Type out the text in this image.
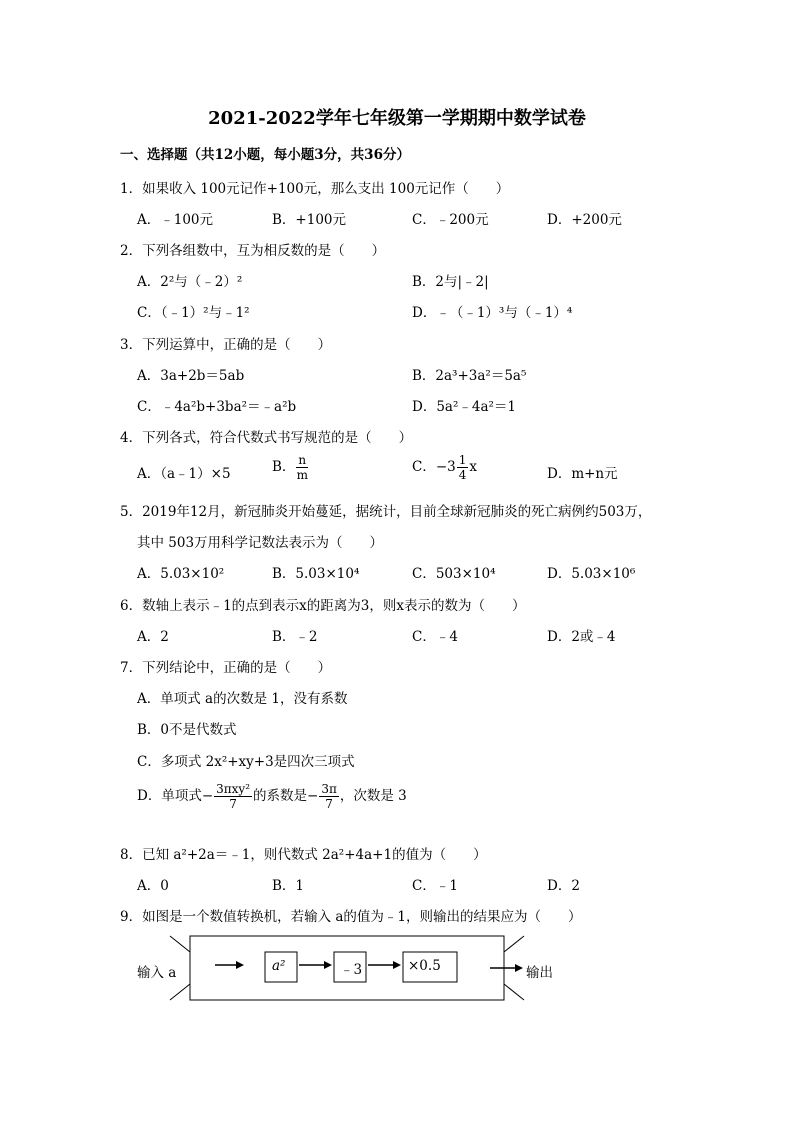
2021-2022学年七年级第一学期期中数学试卷
一、选择题（共12小题，每小题3分，共36分）
1．如果收入 100元记作+100元，那么支出 100元记作（　　）
A．﹣100元	B．+100元	C．﹣200元	D．+200元
2．下列各组数中，互为相反数的是（　　）
A．2²与（﹣2）²	B．2与|﹣2|
C．（﹣1）²与﹣1²	D．﹣（﹣1）³与（﹣1）⁴
3．下列运算中，正确的是（　　）
A．3a+2b＝5ab	B．2a³+3a²＝5a⁵
C．﹣4a²b+3ba²＝﹣a²b	D．5a²﹣4a²＝1
4．下列各式，符合代数式书写规范的是（　　）
A．（a﹣1）×5	B． $\frac{n}{m}$	C．$-3 \frac{1}{4}$ x	D．m+n元
5．2019年12月，新冠肺炎开始蔓延，据统计，目前全球新冠肺炎的死亡病例约503万，
其中 503万用科学记数法表示为（　　）
A．5.03×10²	B．5.03×10⁴	C．503×10⁴	D．5.03×10⁶
6．数轴上表示﹣1的点到表示x的距离为3，则x表示的数为（　　）
A．2	B．﹣2	C．﹣4	D．2或﹣4
7．下列结论中，正确的是（　　）
A．单项式 a的次数是 1，没有系数
B．0不是代数式
C．多项式 2x²+xy+3是四次三项式
D．单项式− $\frac{\text{3πxy²}}{7}$ 的系数是− $\frac{3\pi}{7}$ ，次数是 3
8．已知 a²+2a＝﹣1，则代数式 2a²+4a+1的值为（　　）
A．0	B．1	C．﹣1	D．2
9．如图是一个数值转换机，若输入 a的值为﹣1，则输出的结果应为（　　）
输入 a	a²	﹣3	×0.5	输出
